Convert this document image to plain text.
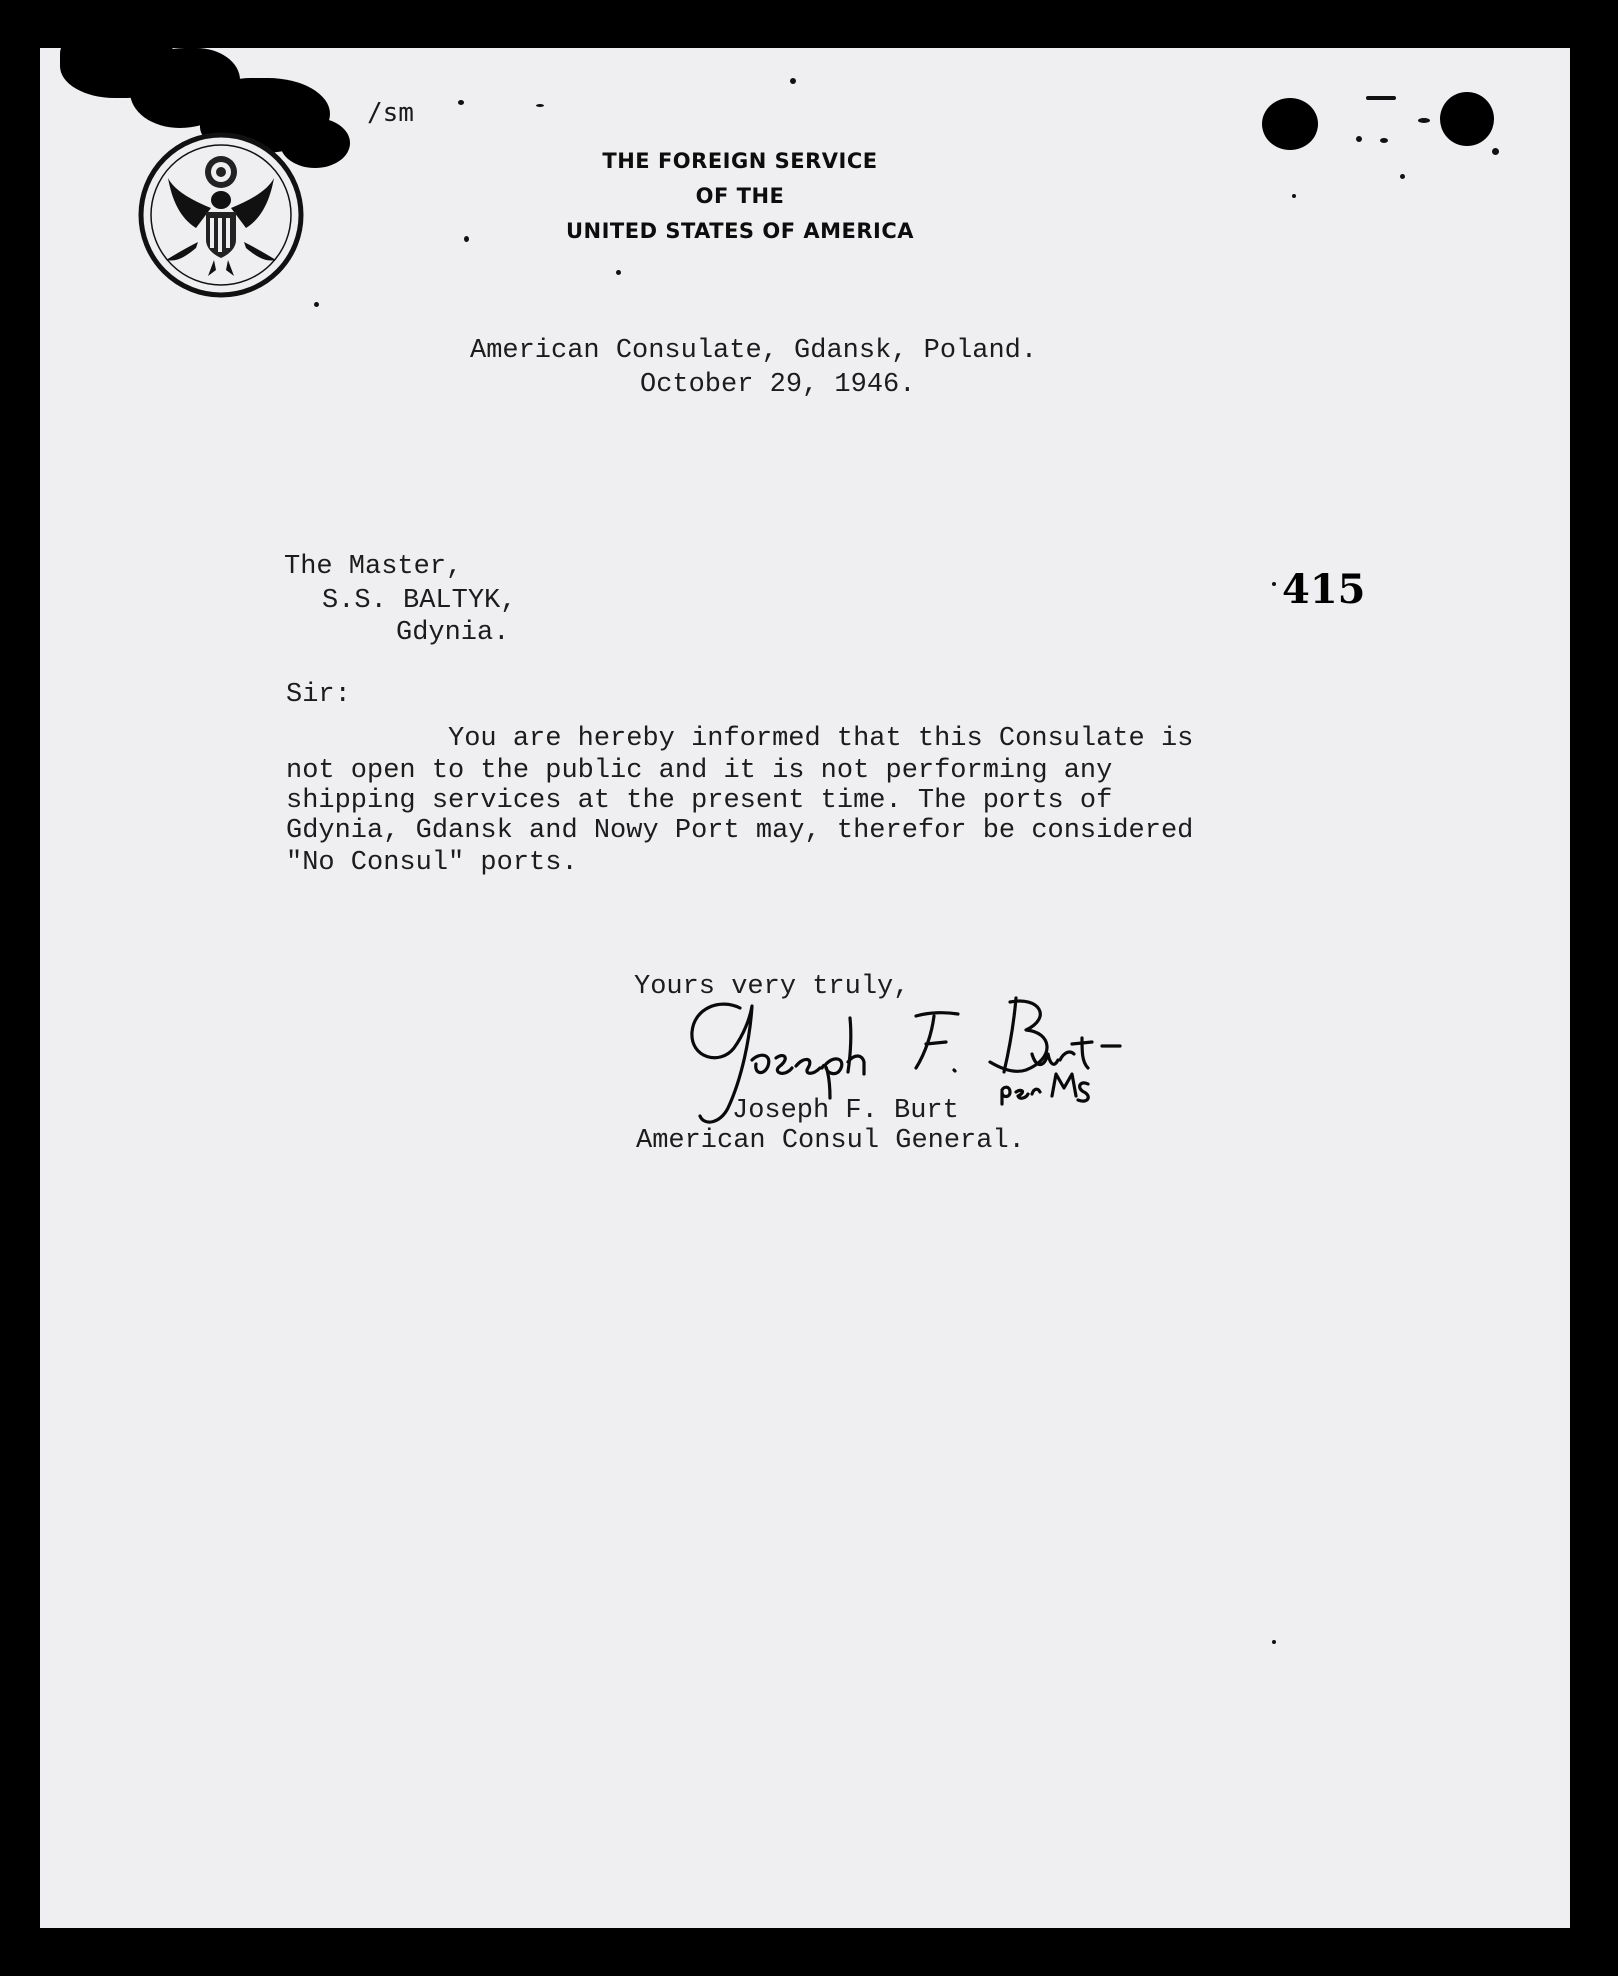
/sm
THE FOREIGN SERVICE
OF THE
UNITED STATES OF AMERICA
American Consulate, Gdansk, Poland.
October 29, 1946.
The Master,
S.S. BALTYK,
Gdynia.
415
Sir:
You are hereby informed that this Consulate is
not open to the public and it is not performing any
shipping services at the present time. The ports of
Gdynia, Gdansk and Nowy Port may, therefor be considered
"No Consul" ports.
Yours very truly,
Joseph F. Burt
American Consul General.
